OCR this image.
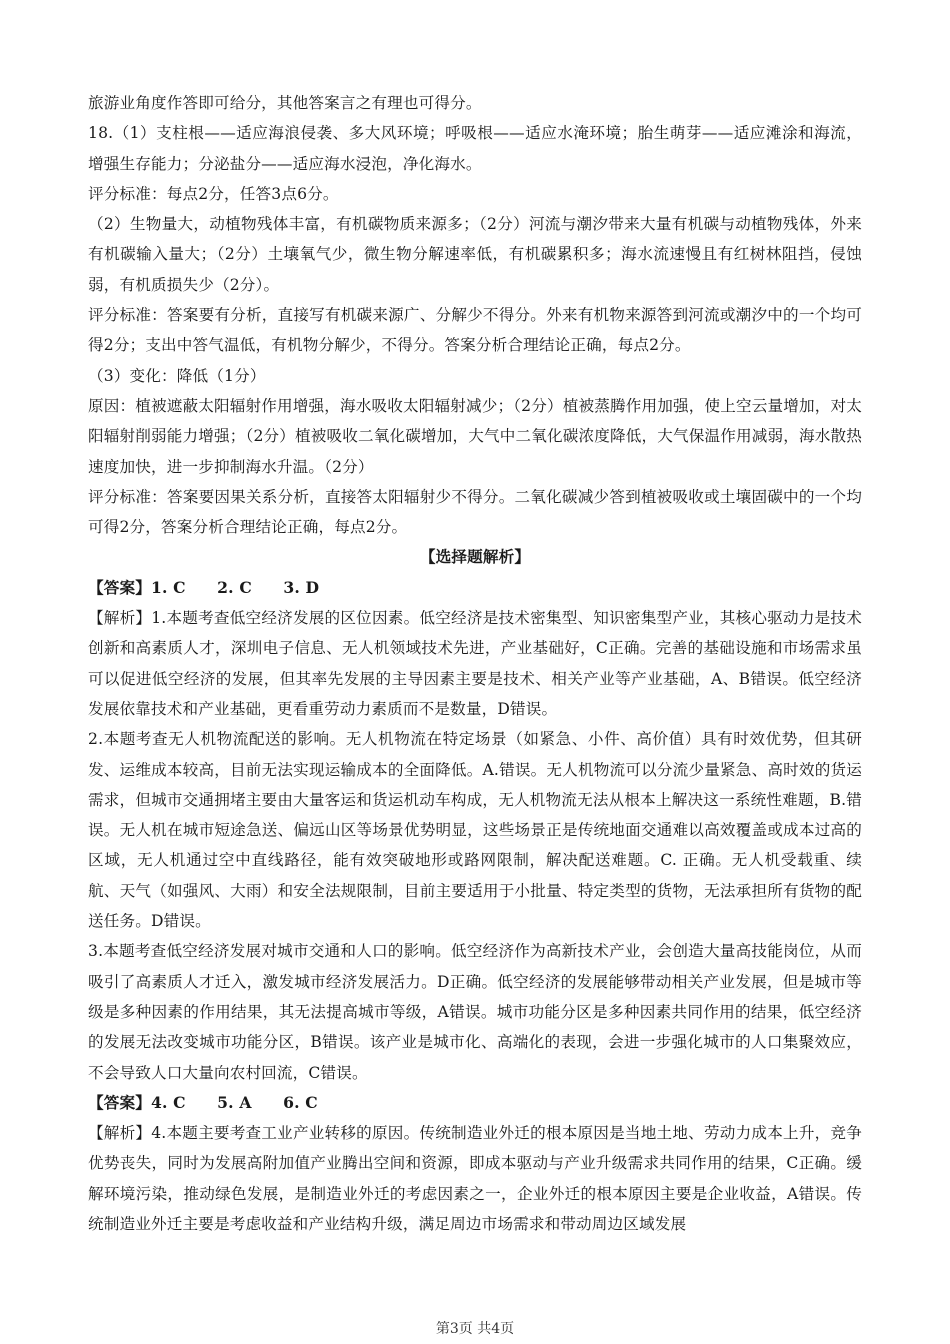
旅游业角度作答即可给分，其他答案言之有理也可得分。

18.（1）支柱根——适应海浪侵袭、多大风环境；呼吸根——适应水淹环境；胎生萌芽——适应滩涂和海流，增强生存能力；分泌盐分——适应海水浸泡，净化海水。

评分标准：每点2分，任答3点6分。

（2）生物量大，动植物残体丰富，有机碳物质来源多；（2分）河流与潮汐带来大量有机碳与动植物残体，外来有机碳输入量大；（2分）土壤氧气少，微生物分解速率低，有机碳累积多；海水流速慢且有红树林阻挡，侵蚀弱，有机质损失少（2分）。

评分标准：答案要有分析，直接写有机碳来源广、分解少不得分。外来有机物来源答到河流或潮汐中的一个均可得2分；支出中答气温低，有机物分解少，不得分。答案分析合理结论正确，每点2分。

（3）变化：降低（1分）

原因：植被遮蔽太阳辐射作用增强，海水吸收太阳辐射减少；（2分）植被蒸腾作用加强，使上空云量增加，对太阳辐射削弱能力增强；（2分）植被吸收二氧化碳增加，大气中二氧化碳浓度降低，大气保温作用减弱，海水散热速度加快，进一步抑制海水升温。（2分）

评分标准：答案要因果关系分析，直接答太阳辐射少不得分。二氧化碳减少答到植被吸收或土壤固碳中的一个均可得2分，答案分析合理结论正确，每点2分。

【选择题解析】

【答案】1. C　　2. C　　3. D

【解析】1.本题考查低空经济发展的区位因素。低空经济是技术密集型、知识密集型产业，其核心驱动力是技术创新和高素质人才，深圳电子信息、无人机领域技术先进，产业基础好，C正确。完善的基础设施和市场需求虽可以促进低空经济的发展，但其率先发展的主导因素主要是技术、相关产业等产业基础，A、B错误。低空经济发展依靠技术和产业基础，更看重劳动力素质而不是数量，D错误。

2.本题考查无人机物流配送的影响。无人机物流在特定场景（如紧急、小件、高价值）具有时效优势，但其研发、运维成本较高，目前无法实现运输成本的全面降低。A.错误。无人机物流可以分流少量紧急、高时效的货运需求，但城市交通拥堵主要由大量客运和货运机动车构成，无人机物流无法从根本上解决这一系统性难题，B.错误。无人机在城市短途急送、偏远山区等场景优势明显，这些场景正是传统地面交通难以高效覆盖或成本过高的区域，无人机通过空中直线路径，能有效突破地形或路网限制，解决配送难题。C. 正确。无人机受载重、续航、天气（如强风、大雨）和安全法规限制，目前主要适用于小批量、特定类型的货物，无法承担所有货物的配送任务。D错误。

3.本题考查低空经济发展对城市交通和人口的影响。低空经济作为高新技术产业，会创造大量高技能岗位，从而吸引了高素质人才迁入，激发城市经济发展活力。D正确。低空经济的发展能够带动相关产业发展，但是城市等级是多种因素的作用结果，其无法提高城市等级，A错误。城市功能分区是多种因素共同作用的结果，低空经济的发展无法改变城市功能分区，B错误。该产业是城市化、高端化的表现，会进一步强化城市的人口集聚效应，不会导致人口大量向农村回流，C错误。

【答案】4. C　　5. A　　6. C

【解析】4.本题主要考查工业产业转移的原因。传统制造业外迁的根本原因是当地土地、劳动力成本上升，竞争优势丧失，同时为发展高附加值产业腾出空间和资源，即成本驱动与产业升级需求共同作用的结果，C正确。缓解环境污染，推动绿色发展，是制造业外迁的考虑因素之一，企业外迁的根本原因主要是企业收益，A错误。传统制造业外迁主要是考虑收益和产业结构升级，满足周边市场需求和带动周边区域发展

第3页 共4页
